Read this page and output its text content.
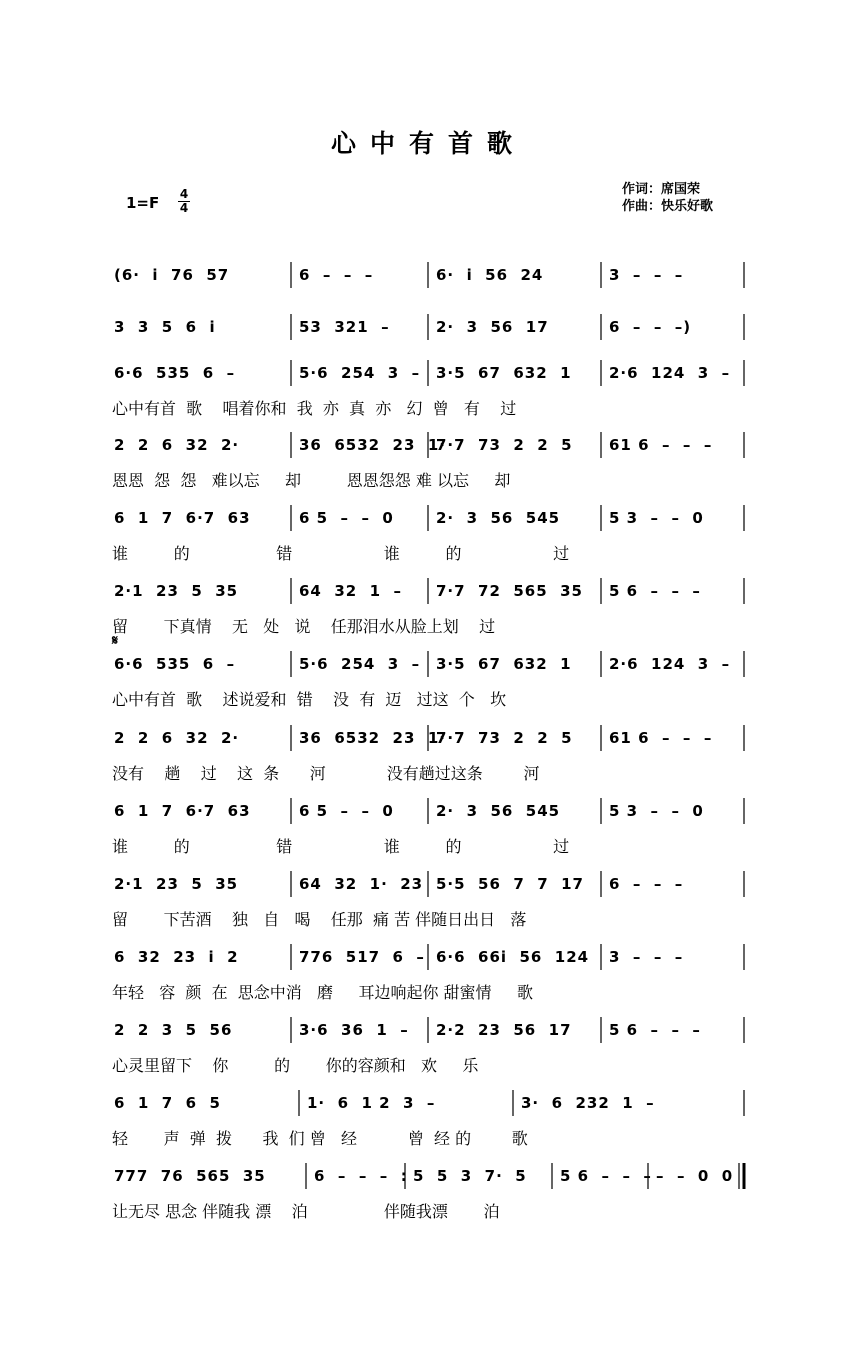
心中有首歌
1=F 4
4
作词：席国荣
作曲：快乐好歌
(6·  i  76  57	6  –  –  –	6·  i  56  24	3  –  –  –
3  3  5  6  i	53  321  –	2·  3  56  17	6  –  –  –)
6·6  535  6  –	5·6  254  3  – 3·5  67  632  1 2·6  124  3  –
心中有首  歌    唱着你和  我  亦  真  亦   幻  曾   有    过
2  2  6  32  2·	36  6532  23  1·
7·7  73  2  2  5 61 6  –  –  –
恩恩  怨  怨   难以忘     却         恩恩怨怨 难 以忘     却
6  1  7  6·7  63	6 5  –  –  0	2·  3  56  545	5 3  –  –  0
谁         的                 错                  谁         的                  过
2·1  23  5  35	64  32  1  – 7·7  72  565  35 5 6  –  –  –
留       下真情    无   处   说    任那泪水从脸上划    过
6·6  535  6  –	5·6  254  3  – 3·5  67  632  1 2·6  124  3  –
心中有首  歌    述说爱和  错    没  有  迈   过这  个   坎
𝄋
2  2  6  32  2·	36  6532  23  1·
7·7  73  2  2  5 61 6  –  –  –
没有    趟    过    这  条      河            没有趟过这条        河
6  1  7  6·7  63	6 5  –  –  0	2·  3  56  545	5 3  –  –  0
谁         的                 错                  谁         的                  过
2·1  23  5  35	64  32  1·  23 5·5  56  7  7  17 6  –  –  –
留       下苦酒    独   自   喝    任那  痛 苦 伴随日出日   落
6  32  23  i  2	776  517  6  – 6·6  66i  56  124 3  –  –  –
年轻   容  颜  在  思念中消   磨     耳边响起你 甜蜜情     歌
2  2  3  5  56	3·6  36  1  – 2·2  23  56  17 5 6  –  –  –
心灵里留下    你         的       你的容颜和   欢     乐
6  1  7  6  5	1·  6  1 2  3  –	3·  6  232  1  –
轻       声  弹  拨      我  们 曾   经          曾  经 的        歌
777  76  565  35	6  –  –  –  : 5  5  3  7·  5 5 6  –  –  – –  –  0  0
让无尽 思念 伴随我 漂    泊               伴随我漂       泊
